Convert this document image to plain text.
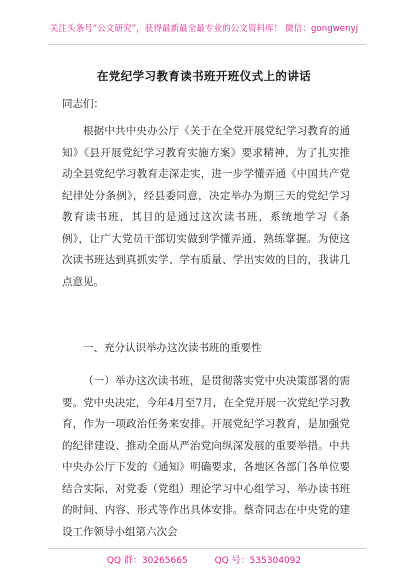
关注头条号“公文研究”，获得最新最全最专业的公文资料库！ 微信：gongwenyj
在党纪学习教育读书班开班仪式上的讲话
同志们：

根据中共中央办公厅《关于在全党开展党纪学习教育的通知》《县开展党纪学习教育实施方案》要求精神，为了扎实推动全县党纪学习教育走深走实，进一步学懂弄通《中国共产党纪律处分条例》，经县委同意，决定举办为期三天的党纪学习教育读书班，其目的是通过这次读书班，系统地学习《条例》，让广大党员干部切实做到学懂弄通、熟练掌握。为使这次读书班达到真抓实学、学有质量、学出实效的目的，我讲几点意见。

一、充分认识举办这次读书班的重要性

（一）举办这次读书班，是贯彻落实党中央决策部署的需要。党中央决定，今年4月至7月，在全党开展一次党纪学习教育，作为一项政治任务来安排。开展党纪学习教育，是加强党的纪律建设、推动全面从严治党向纵深发展的重要举措。中共中央办公厅下发的《通知》明确要求，各地区各部门各单位要结合实际，对党委（党组）理论学习中心组学习、举办读书班的时间、内容、形式等作出具体安排。蔡奇同志在中央党的建设工作领导小组第六次会

QQ 群：30265665	QQ 号：535304092
